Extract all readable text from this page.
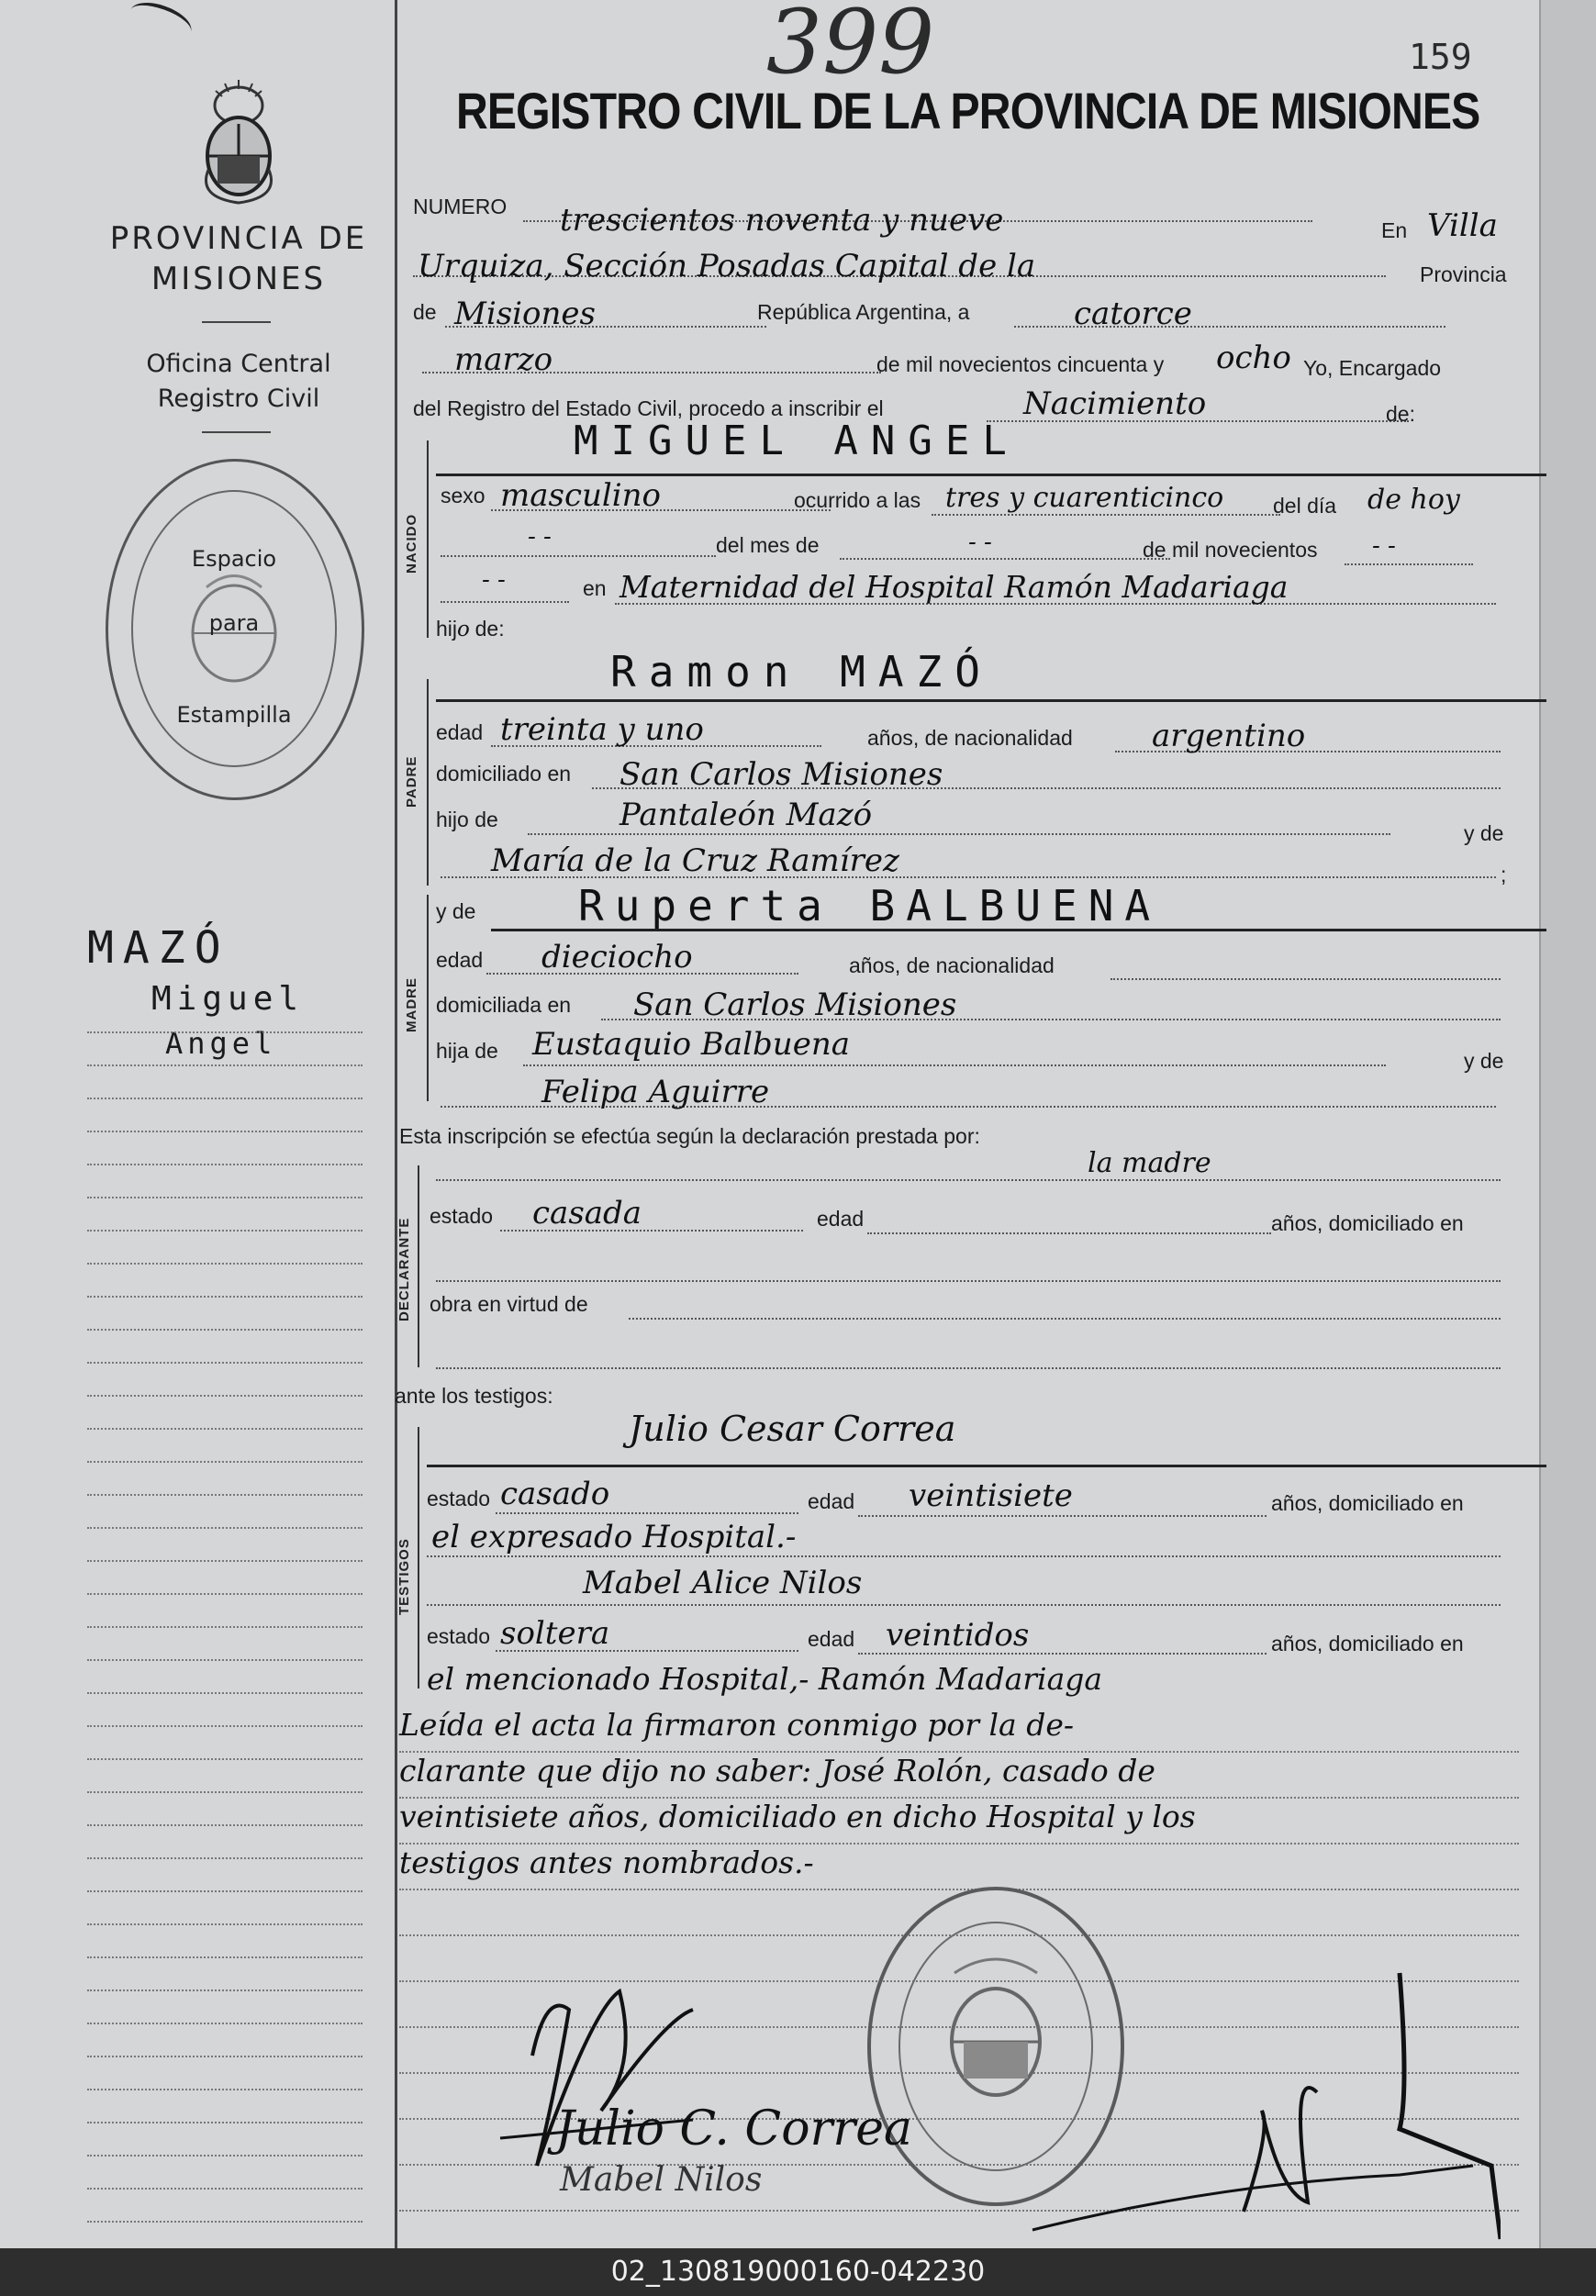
PROVINCIA DE
MISIONES
Oficina Central
Registro Civil
Espacio
para
Estampilla
MAZÓ
Miguel
Angel
399	159
REGISTRO CIVIL DE LA PROVINCIA DE MISIONES
NUMERO trescientos noventa y nueve	En Villa
Urquiza, Sección Posadas Capital de la	Provincia
de Misiones	República Argentina, a	catorce
marzo	de mil novecientos cincuenta y ocho Yo, Encargado
del Registro del Estado Civil, procedo a inscribir el	Nacimiento	de:
NACIDO
MIGUEL ANGEL
sexo masculino	ocurrido a las tres y cuarenticinco del día de hoy
- -	del mes de	- -	de mil novecientos - -
- -	en Maternidad del Hospital Ramón Madariaga
hijo de:
PADRE
Ramon MAZÓ
edad treinta y uno	años, de nacionalidad	argentino
domiciliado en San Carlos Misiones
hijo de	Pantaleón Mazó	y de
María de la Cruz Ramírez	;
MADRE
y de Ruperta BALBUENA
edad dieciocho	años, de nacionalidad
domiciliada en San Carlos Misiones
hija de Eustaquio Balbuena	y de
Felipa Aguirre
Esta inscripción se efectúa según la declaración prestada por:
la madre
DECLARANTE
estado casada	edad	años, domiciliado en
obra en virtud de
ante los testigos:
TESTIGOS
Julio Cesar Correa
estado casado	edad veintisiete	años, domiciliado en
el expresado Hospital.-
Mabel Alice Nilos
estado soltera	edad veintidos	años, domiciliado en
el mencionado Hospital,- Ramón Madariaga
Leída el acta la firmaron conmigo por la de-
clarante que dijo no saber: José Rolón, casado de
veintisiete años, domiciliado en dicho Hospital y los
testigos antes nombrados.-
Julio C. Correa
Mabel Nilos
02_130819000160-042230
